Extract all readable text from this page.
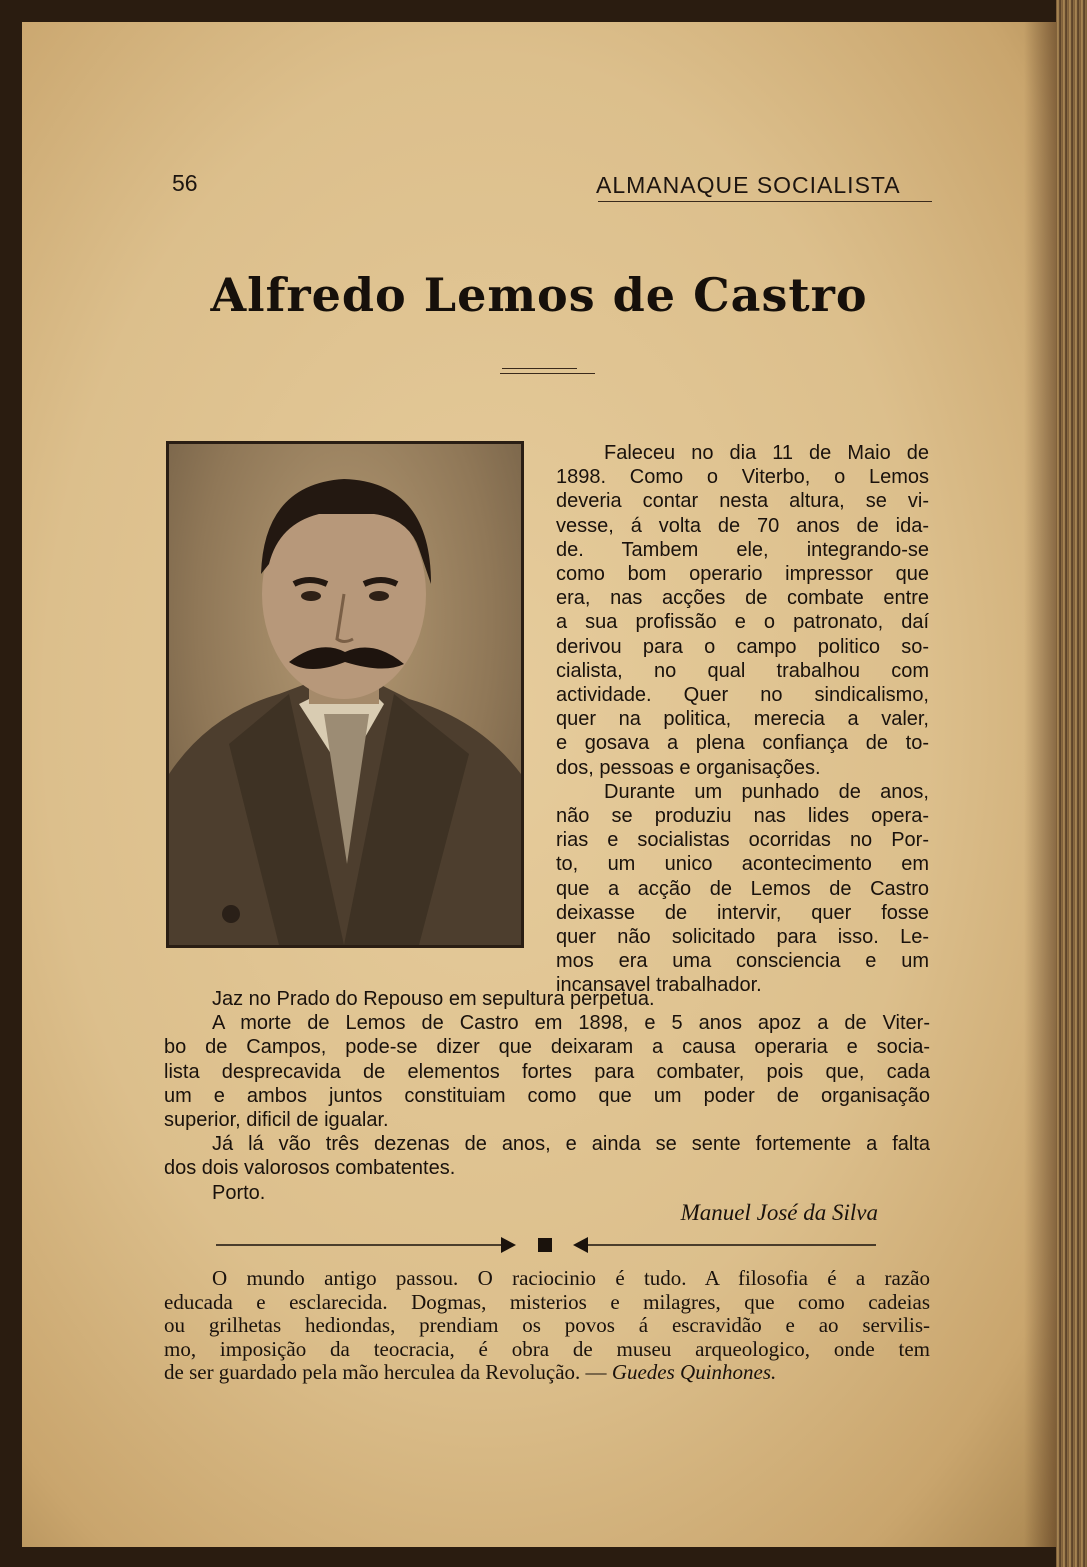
56	ALMANAQUE SOCIALISTA
Alfredo Lemos de Castro
Faleceu no dia 11 de Maio de
1898. Como o Viterbo, o Lemos
deveria contar nesta altura, se vi-
vesse, á volta de 70 anos de ida-
de. Tambem ele, integrando-se
como bom operario impressor que
era, nas acções de combate entre
a sua profissão e o patronato, daí
derivou para o campo politico so-
cialista, no qual trabalhou com
actividade. Quer no sindicalismo,
quer na politica, merecia a valer,
e gosava a plena confiança de to-
dos, pessoas e organisações.
Durante um punhado de anos,
não se produziu nas lides opera-
rias e socialistas ocorridas no Por-
to, um unico acontecimento em
que a acção de Lemos de Castro
deixasse de intervir, quer fosse
quer não solicitado para isso. Le-
mos era uma consciencia e um
incansavel trabalhador.
Jaz no Prado do Repouso em sepultura perpetua.
A morte de Lemos de Castro em 1898, e 5 anos apoz a de Viter-
bo de Campos, pode-se dizer que deixaram a causa operaria e socia-
lista desprecavida de elementos fortes para combater, pois que, cada
um e ambos juntos constituiam como que um poder de organisação
superior, dificil de igualar.
Já lá vão três dezenas de anos, e ainda se sente fortemente a falta
dos dois valorosos combatentes.
Porto.
Manuel José da Silva
O mundo antigo passou. O raciocinio é tudo. A filosofia é a razão
educada e esclarecida. Dogmas, misterios e milagres, que como cadeias
ou grilhetas hediondas, prendiam os povos á escravidão e ao servilis-
mo, imposição da teocracia, é obra de museu arqueologico, onde tem
de ser guardado pela mão herculea da Revolução. — Guedes Quinhones.
